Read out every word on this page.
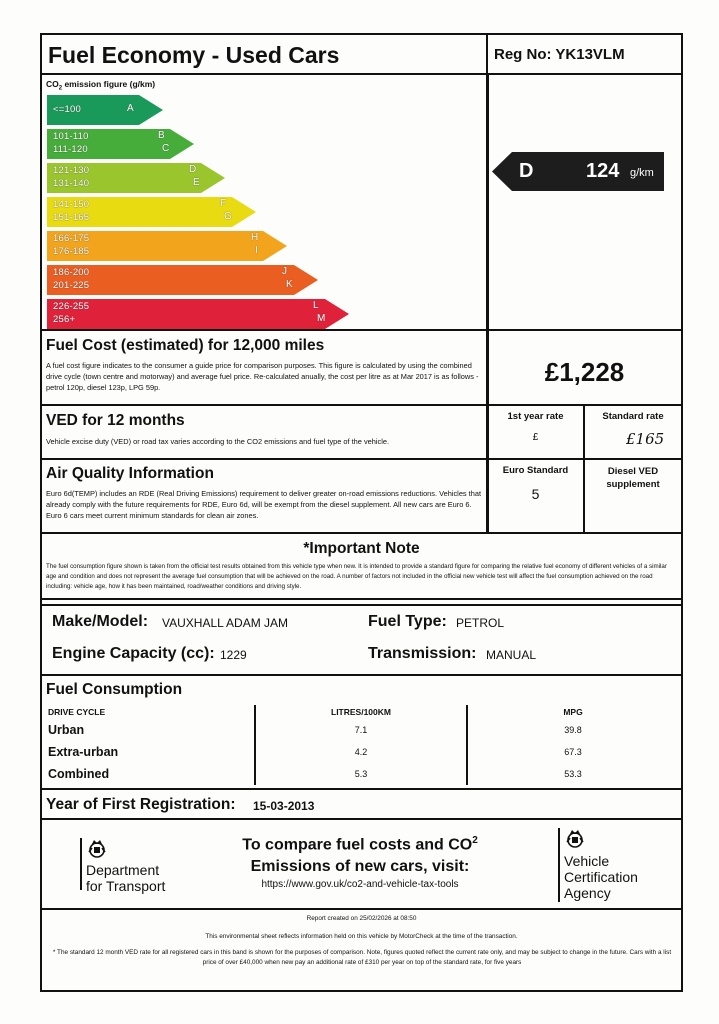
Fuel Economy - Used Cars	Reg No: YK13VLM
$CO_2$ emission figure (g/km)
<=100	A
101-110
111-120
B
C
121-130
131-140
D
E
141-150
151-165
F
G
166-175
176-185
H
I
186-200
201-225
J
K
226-255
256+
L
M
D	124 g/km
Fuel Cost (estimated) for 12,000 miles
A fuel cost figure indicates to the consumer a guide price for comparison purposes. This figure is calculated by using the combined drive cycle (town centre and motorway) and average fuel price. Re-calculated anually, the cost per litre as at Mar 2017 is as follows - petrol 120p, diesel 123p, LPG 59p.
£1,228
VED for 12 months
Vehicle excise duty (VED) or road tax varies according to the CO2 emissions and fuel type of the vehicle.
1st year rate
£
Standard rate
£165
Air Quality Information
Euro 6d(TEMP) includes an RDE (Real Driving Emissions) requirement to deliver greater on-road emissions reductions. Vehicles that already comply with the future requirements for RDE, Euro 6d, will be exempt from the diesel supplement. All new cars are Euro 6. Euro 6 cars meet current minimum standards for clean air zones.
Euro Standard
5
Diesel VED supplement
*Important Note
The fuel consumption figure shown is taken from the official test results obtained from this vehicle type when new. It is intended to provide a standard figure for comparing the relative fuel economy of different vehicles of a similar age and condition and does not represent the average fuel consumption that will be achieved on the road. A number of factors not included in the official new vehicle test will affect the fuel consumption achieved on the road including: vehicle age, how it has been maintained, road/weather conditions and driving style.
Make/Model: VAUXHALL ADAM JAM	Fuel Type: PETROL
Engine Capacity (cc): 1229	Transmission: MANUAL
Fuel Consumption
DRIVE CYCLE	LITRES/100KM	MPG
Urban	7.1	39.8
Extra-urban	4.2	67.3
Combined	5.3	53.3
Year of First Registration: 15-03-2013
Department
for Transport
To compare fuel costs and $CO^2$
Emissions of new cars, visit:
https://www.gov.uk/co2-and-vehicle-tax-tools
Vehicle
Certification
Agency
Report created on 25/02/2026 at 08:50
This environmental sheet reflects information held on this vehicle by MotorCheck at the time of the transaction.
* The standard 12 month VED rate for all registered cars in this band is shown for the purposes of comparison. Note, figures quoted reflect the current rate only, and may be subject to change in the future. Cars with a list price of over £40,000 when new pay an additional rate of £310 per year on top of the standard rate, for five years
